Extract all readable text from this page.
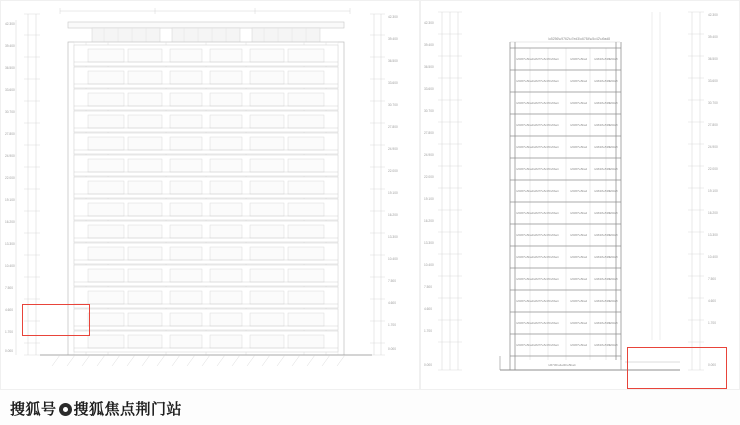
42.300
39.400
36.500
33.600
30.700
27.800
24.900
22.000
19.100
16.200
13.300
10.400
7.500
4.600
1.700
0.000
42.300
39.400
36.500
33.600
30.700
27.800
24.900
22.000
19.100
16.200
13.300
10.400
7.500
4.600
1.700
0.000
42.300
39.400
36.500
33.600
30.700
27.800
24.900
22.000
19.100
16.200
13.300
10.400
7.500
4.600
1.700
0.000
42.300
39.400
36.500
33.600
30.700
27.800
24.900
22.000
19.100
16.200
13.300
10.400
7.500
4.600
1.700
0.000
\u5256\u9762\u7ed3\u6784\u5c42\u9ad8
\u5367\u5ba4 \u8d77\u5c45\u5ba4	\u5367\u5ba4 \u9633\u53f0
\u53a8
\u5367\u5ba4 \u8d77\u5c45\u5ba4	\u5367\u5ba4 \u9633\u53f0
\u53a8
\u5367\u5ba4 \u8d77\u5c45\u5ba4	\u5367\u5ba4 \u9633\u53f0
\u53a8
\u5367\u5ba4 \u8d77\u5c45\u5ba4	\u5367\u5ba4 \u9633\u53f0
\u53a8
\u5367\u5ba4 \u8d77\u5c45\u5ba4	\u5367\u5ba4 \u9633\u53f0
\u53a8
\u5367\u5ba4 \u8d77\u5c45\u5ba4	\u5367\u5ba4 \u9633\u53f0
\u53a8
\u5367\u5ba4 \u8d77\u5c45\u5ba4	\u5367\u5ba4 \u9633\u53f0
\u53a8
\u5367\u5ba4 \u8d77\u5c45\u5ba4	\u5367\u5ba4 \u9633\u53f0
\u53a8
\u5367\u5ba4 \u8d77\u5c45\u5ba4	\u5367\u5ba4 \u9633\u53f0
\u53a8
\u5367\u5ba4 \u8d77\u5c45\u5ba4	\u5367\u5ba4 \u9633\u53f0
\u53a8
\u5367\u5ba4 \u8d77\u5c45\u5ba4	\u5367\u5ba4 \u9633\u53f0
\u53a8
\u5367\u5ba4 \u8d77\u5c45\u5ba4	\u5367\u5ba4 \u9633\u53f0
\u53a8
\u5367\u5ba4 \u8d77\u5c45\u5ba4	\u5367\u5ba4 \u9633\u53f0
\u53a8
\u5367\u5ba4 \u8d77\u5c45\u5ba4	\u5367\u5ba4 \u9633\u53f0
\u53a8
\u5730\u4e0b\u5ba4
搜狐号 搜狐焦点荆门站
